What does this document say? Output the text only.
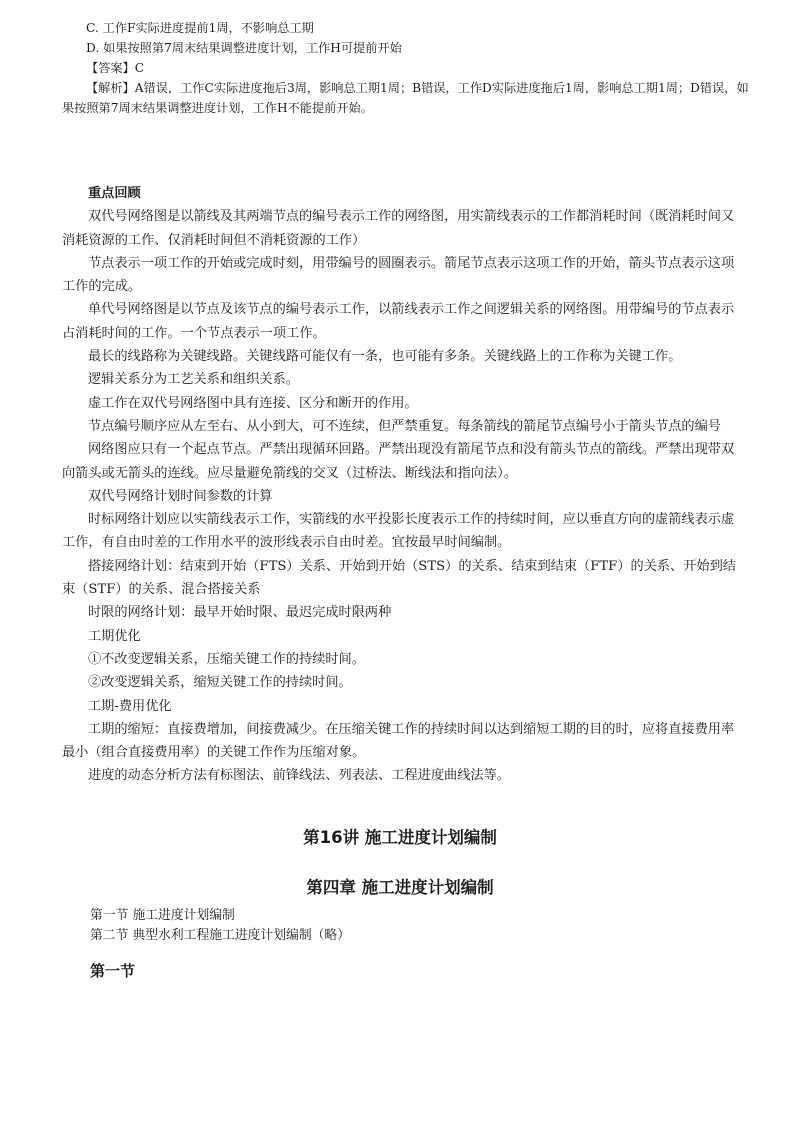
C. 工作F实际进度提前1周，不影响总工期
D. 如果按照第7周末结果调整进度计划，工作H可提前开始
【答案】C
【解析】A错误，工作C实际进度拖后3周，影响总工期1周；B错误，工作D实际进度拖后1周，影响总工期1周；D错误，如果按照第7周末结果调整进度计划，工作H不能提前开始。
重点回顾

双代号网络图是以箭线及其两端节点的编号表示工作的网络图，用实箭线表示的工作都消耗时间（既消耗时间又消耗资源的工作、仅消耗时间但不消耗资源的工作）

节点表示一项工作的开始或完成时刻，用带编号的圆圈表示。箭尾节点表示这项工作的开始，箭头节点表示这项工作的完成。

单代号网络图是以节点及该节点的编号表示工作，以箭线表示工作之间逻辑关系的网络图。用带编号的节点表示占消耗时间的工作。一个节点表示一项工作。

最长的线路称为关键线路。关键线路可能仅有一条，也可能有多条。关键线路上的工作称为关键工作。

逻辑关系分为工艺关系和组织关系。

虚工作在双代号网络图中具有连接、区分和断开的作用。

节点编号顺序应从左至右、从小到大，可不连续，但严禁重复。每条箭线的箭尾节点编号小于箭头节点的编号

网络图应只有一个起点节点。严禁出现循环回路。严禁出现没有箭尾节点和没有箭头节点的箭线。严禁出现带双向箭头或无箭头的连线。应尽量避免箭线的交叉（过桥法、断线法和指向法）。

双代号网络计划时间参数的计算

时标网络计划应以实箭线表示工作，实箭线的水平投影长度表示工作的持续时间，应以垂直方向的虚箭线表示虚工作，有自由时差的工作用水平的波形线表示自由时差。宜按最早时间编制。

搭接网络计划：结束到开始（FTS）关系、开始到开始（STS）的关系、结束到结束（FTF）的关系、开始到结束（STF）的关系、混合搭接关系

时限的网络计划：最早开始时限、最迟完成时限两种

工期优化

①不改变逻辑关系，压缩关键工作的持续时间。

②改变逻辑关系，缩短关键工作的持续时间。

工期-费用优化

工期的缩短：直接费增加，间接费减少。在压缩关键工作的持续时间以达到缩短工期的目的时，应将直接费用率最小（组合直接费用率）的关键工作作为压缩对象。

进度的动态分析方法有标图法、前锋线法、列表法、工程进度曲线法等。

第16讲 施工进度计划编制
第四章 施工进度计划编制
第一节 施工进度计划编制
第二节 典型水利工程施工进度计划编制（略）
第一节
